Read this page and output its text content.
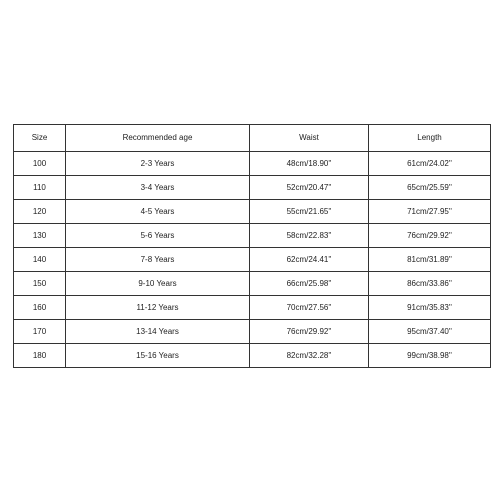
Size	Recommended age	Waist	Length
100	2-3 Years	48cm/18.90''	61cm/24.02''
110	3-4 Years	52cm/20.47''	65cm/25.59''
120	4-5 Years	55cm/21.65''	71cm/27.95''
130	5-6 Years	58cm/22.83''	76cm/29.92''
140	7-8 Years	62cm/24.41''	81cm/31.89''
150	9-10 Years	66cm/25.98''	86cm/33.86''
160	11-12 Years	70cm/27.56''	91cm/35.83''
170	13-14 Years	76cm/29.92''	95cm/37.40''
180	15-16 Years	82cm/32.28''	99cm/38.98''
